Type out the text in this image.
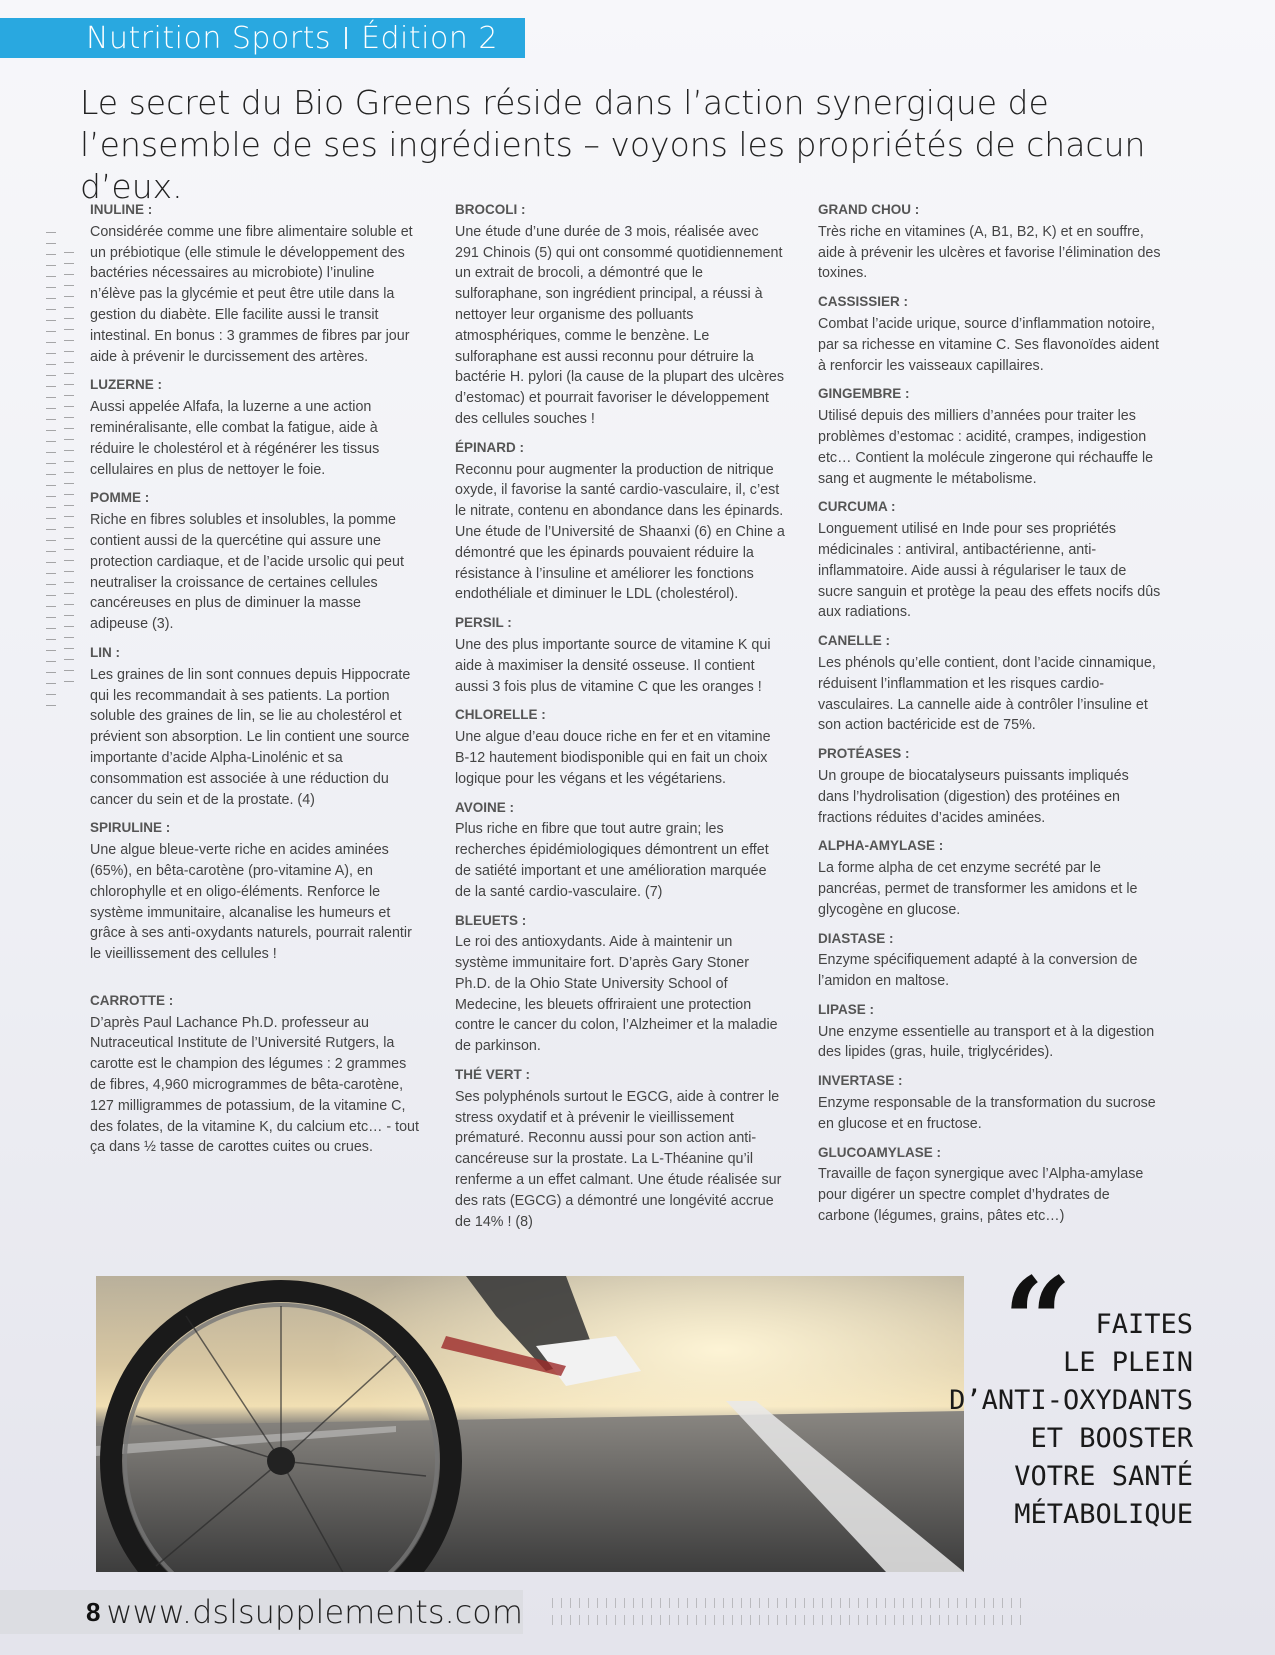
Nutrition Sports Édition 2
Le secret du Bio Greens réside dans l’action synergique de l’ensemble de ses ingrédients – voyons les propriétés de chacun d’eux.
INULINE :
Considérée comme une fibre alimentaire soluble et un prébiotique (elle stimule le développement des bactéries nécessaires au microbiote) l’inuline n’élève pas la glycémie et peut être utile dans la gestion du diabète. Elle facilite aussi le transit intestinal. En bonus : 3 grammes de fibres par jour aide à prévenir le durcissement des artères.
LUZERNE :
Aussi appelée Alfafa, la luzerne a une action reminéralisante, elle combat la fatigue, aide à réduire le cholestérol et à régénérer les tissus cellulaires en plus de nettoyer le foie.
POMME :
Riche en fibres solubles et insolubles, la pomme contient aussi de la quercétine qui assure une protection cardiaque, et de l’acide ursolic qui peut neutraliser la croissance de certaines cellules cancéreuses en plus de diminuer la masse adipeuse (3).
LIN :
Les graines de lin sont connues depuis Hippocrate qui les recommandait à ses patients. La portion soluble des graines de lin, se lie au cholestérol et prévient son absorption. Le lin contient une source importante d’acide Alpha-Linolénic et sa consommation est associée à une réduction du cancer du sein et de la prostate. (4)
SPIRULINE :
Une algue bleue-verte riche en acides aminées (65%), en bêta-carotène (pro-vitamine A), en chlorophylle et en oligo-éléments. Renforce le système immunitaire, alcanalise les humeurs et grâce à ses anti-oxydants naturels, pourrait ralentir le vieillissement des cellules !
CARROTTE :
D’après Paul Lachance Ph.D. professeur au Nutraceutical Institute de l’Université Rutgers, la carotte est le champion des légumes : 2 grammes de fibres, 4,960 microgrammes de bêta-carotène, 127 milligrammes de potassium, de la vitamine C, des folates, de la vitamine K, du calcium etc… - tout ça dans ½ tasse de carottes cuites ou crues.
BROCOLI :
Une étude d’une durée de 3 mois, réalisée avec 291 Chinois (5) qui ont consommé quotidiennement un extrait de brocoli, a démontré que le sulforaphane, son ingrédient principal, a réussi à nettoyer leur organisme des polluants atmosphériques, comme le benzène. Le sulforaphane est aussi reconnu pour détruire la bactérie H. pylori (la cause de la plupart des ulcères d’estomac) et pourrait favoriser le développement des cellules souches !
ÉPINARD :
Reconnu pour augmenter la production de nitrique oxyde, il favorise la santé cardio-vasculaire, il, c’est le nitrate, contenu en abondance dans les épinards. Une étude de l’Université de Shaanxi (6) en Chine a démontré que les épinards pouvaient réduire la résistance à l’insuline et améliorer les fonctions endothéliale et diminuer le LDL (cholestérol).
PERSIL :
Une des plus importante source de vitamine K qui aide à maximiser la densité osseuse. Il contient aussi 3 fois plus de vitamine C que les oranges !
CHLORELLE :
Une algue d’eau douce riche en fer et en vitamine B-12 hautement biodisponible qui en fait un choix logique pour les végans et les végétariens.
AVOINE :
Plus riche en fibre que tout autre grain; les recherches épidémiologiques démontrent un effet de satiété important et une amélioration marquée de la santé cardio-vasculaire. (7)
BLEUETS :
Le roi des antioxydants. Aide à maintenir un système immunitaire fort. D’après Gary Stoner Ph.D. de la Ohio State University School of Medecine, les bleuets offriraient une protection contre le cancer du colon, l’Alzheimer et la maladie de parkinson.
THÉ VERT :
Ses polyphénols surtout le EGCG, aide à contrer le stress oxydatif et à prévenir le vieillissement prématuré. Reconnu aussi pour son action anti-cancéreuse sur la prostate. La L-Théanine qu’il renferme a un effet calmant. Une étude réalisée sur des rats (EGCG) a démontré une longévité accrue de 14% ! (8)
GRAND CHOU :
Très riche en vitamines (A, B1, B2, K) et en souffre, aide à prévenir les ulcères et favorise l’élimination des toxines.
CASSISSIER :
Combat l’acide urique, source d’inflammation notoire, par sa richesse en vitamine C. Ses flavonoïdes aident à renforcir les vaisseaux capillaires.
GINGEMBRE :
Utilisé depuis des milliers d’années pour traiter les problèmes d’estomac : acidité, crampes, indigestion etc… Contient la molécule zingerone qui réchauffe le sang et augmente le métabolisme.
CURCUMA :
Longuement utilisé en Inde pour ses propriétés médicinales : antiviral, antibactérienne, anti-inflammatoire. Aide aussi à régulariser le taux de sucre sanguin et protège la peau des effets nocifs dûs aux radiations.
CANELLE :
Les phénols qu’elle contient, dont l’acide cinnamique, réduisent l’inflammation et les risques cardio-vasculaires. La cannelle aide à contrôler l’insuline et son action bactéricide est de 75%.
PROTÉASES :
Un groupe de biocatalyseurs puissants impliqués dans l’hydrolisation (digestion) des protéines en fractions réduites d’acides aminées.
ALPHA-AMYLASE :
La forme alpha de cet enzyme secrété par le pancréas, permet de transformer les amidons et le glycogène en glucose.
DIASTASE :
Enzyme spécifiquement adapté à la conversion de l’amidon en maltose.
LIPASE :
Une enzyme essentielle au transport et à la digestion des lipides (gras, huile, triglycérides).
INVERTASE :
Enzyme responsable de la transformation du sucrose en glucose et en fructose.
GLUCOAMYLASE :
Travaille de façon synergique avec l’Alpha-amylase pour digérer un spectre complet d’hydrates de carbone (légumes, grains, pâtes etc…)
“ FAITES
LE PLEIN
D’ANTI-OXYDANTS
ET BOOSTER
VOTRE SANTÉ
MÉTABOLIQUE
8 www.dslsupplements.com
